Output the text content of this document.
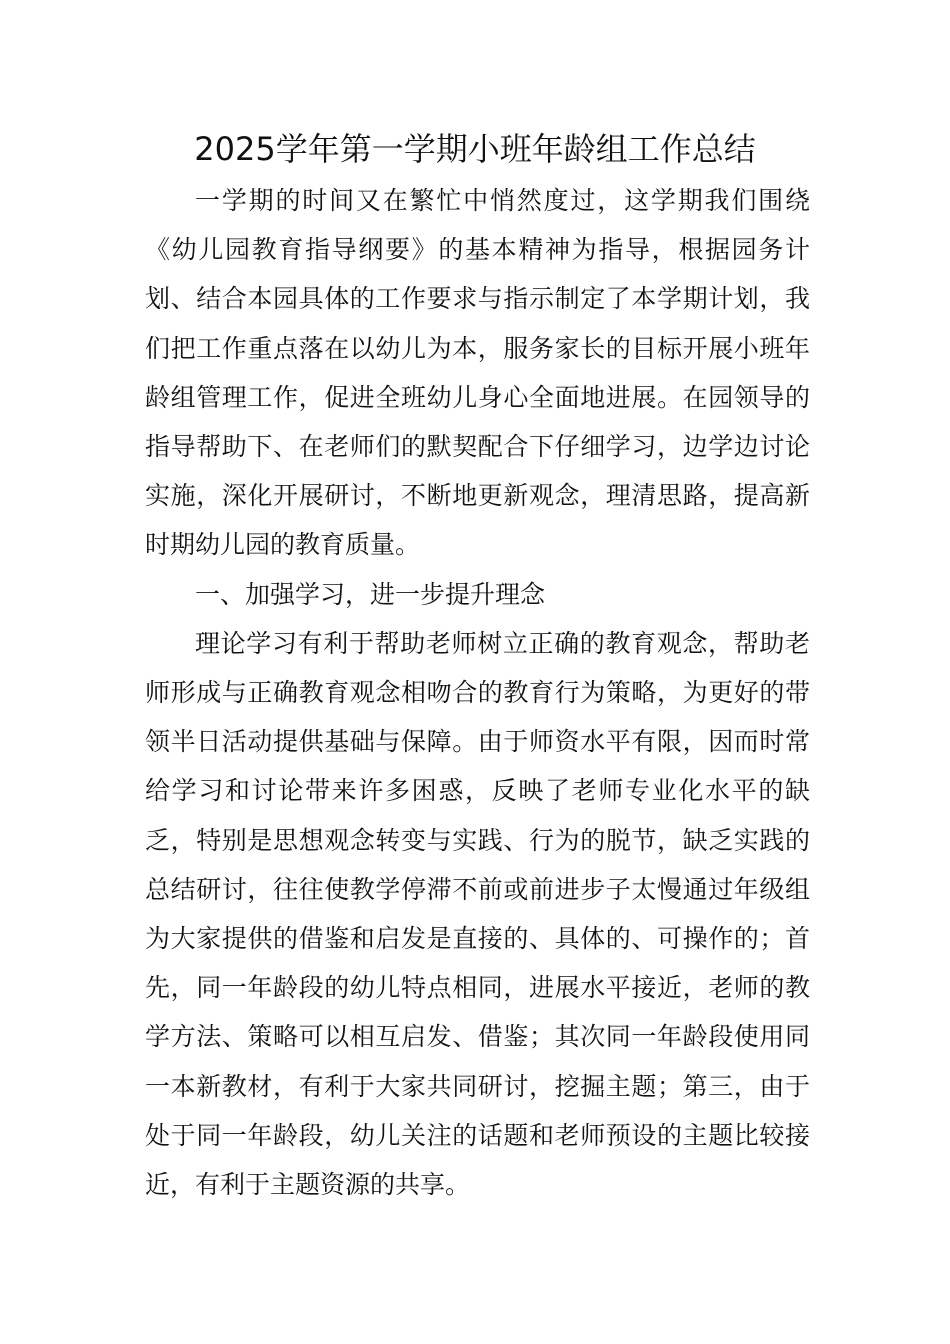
2025学年第一学期小班年龄组工作总结

一学期的时间又在繁忙中悄然度过，这学期我们围绕《幼儿园教育指导纲要》的基本精神为指导，根据园务计划、结合本园具体的工作要求与指示制定了本学期计划，我们把工作重点落在以幼儿为本，服务家长的目标开展小班年龄组管理工作，促进全班幼儿身心全面地进展。在园领导的指导帮助下、在老师们的默契配合下仔细学习，边学边讨论实施，深化开展研讨，不断地更新观念，理清思路，提高新时期幼儿园的教育质量。

一、加强学习，进一步提升理念

理论学习有利于帮助老师树立正确的教育观念，帮助老师形成与正确教育观念相吻合的教育行为策略，为更好的带领半日活动提供基础与保障。由于师资水平有限，因而时常给学习和讨论带来许多困惑，反映了老师专业化水平的缺乏，特别是思想观念转变与实践、行为的脱节，缺乏实践的总结研讨，往往使教学停滞不前或前进步子太慢通过年级组为大家提供的借鉴和启发是直接的、具体的、可操作的；首先，同一年龄段的幼儿特点相同，进展水平接近，老师的教学方法、策略可以相互启发、借鉴；其次同一年龄段使用同一本新教材，有利于大家共同研讨，挖掘主题；第三，由于处于同一年龄段，幼儿关注的话题和老师预设的主题比较接近，有利于主题资源的共享。
